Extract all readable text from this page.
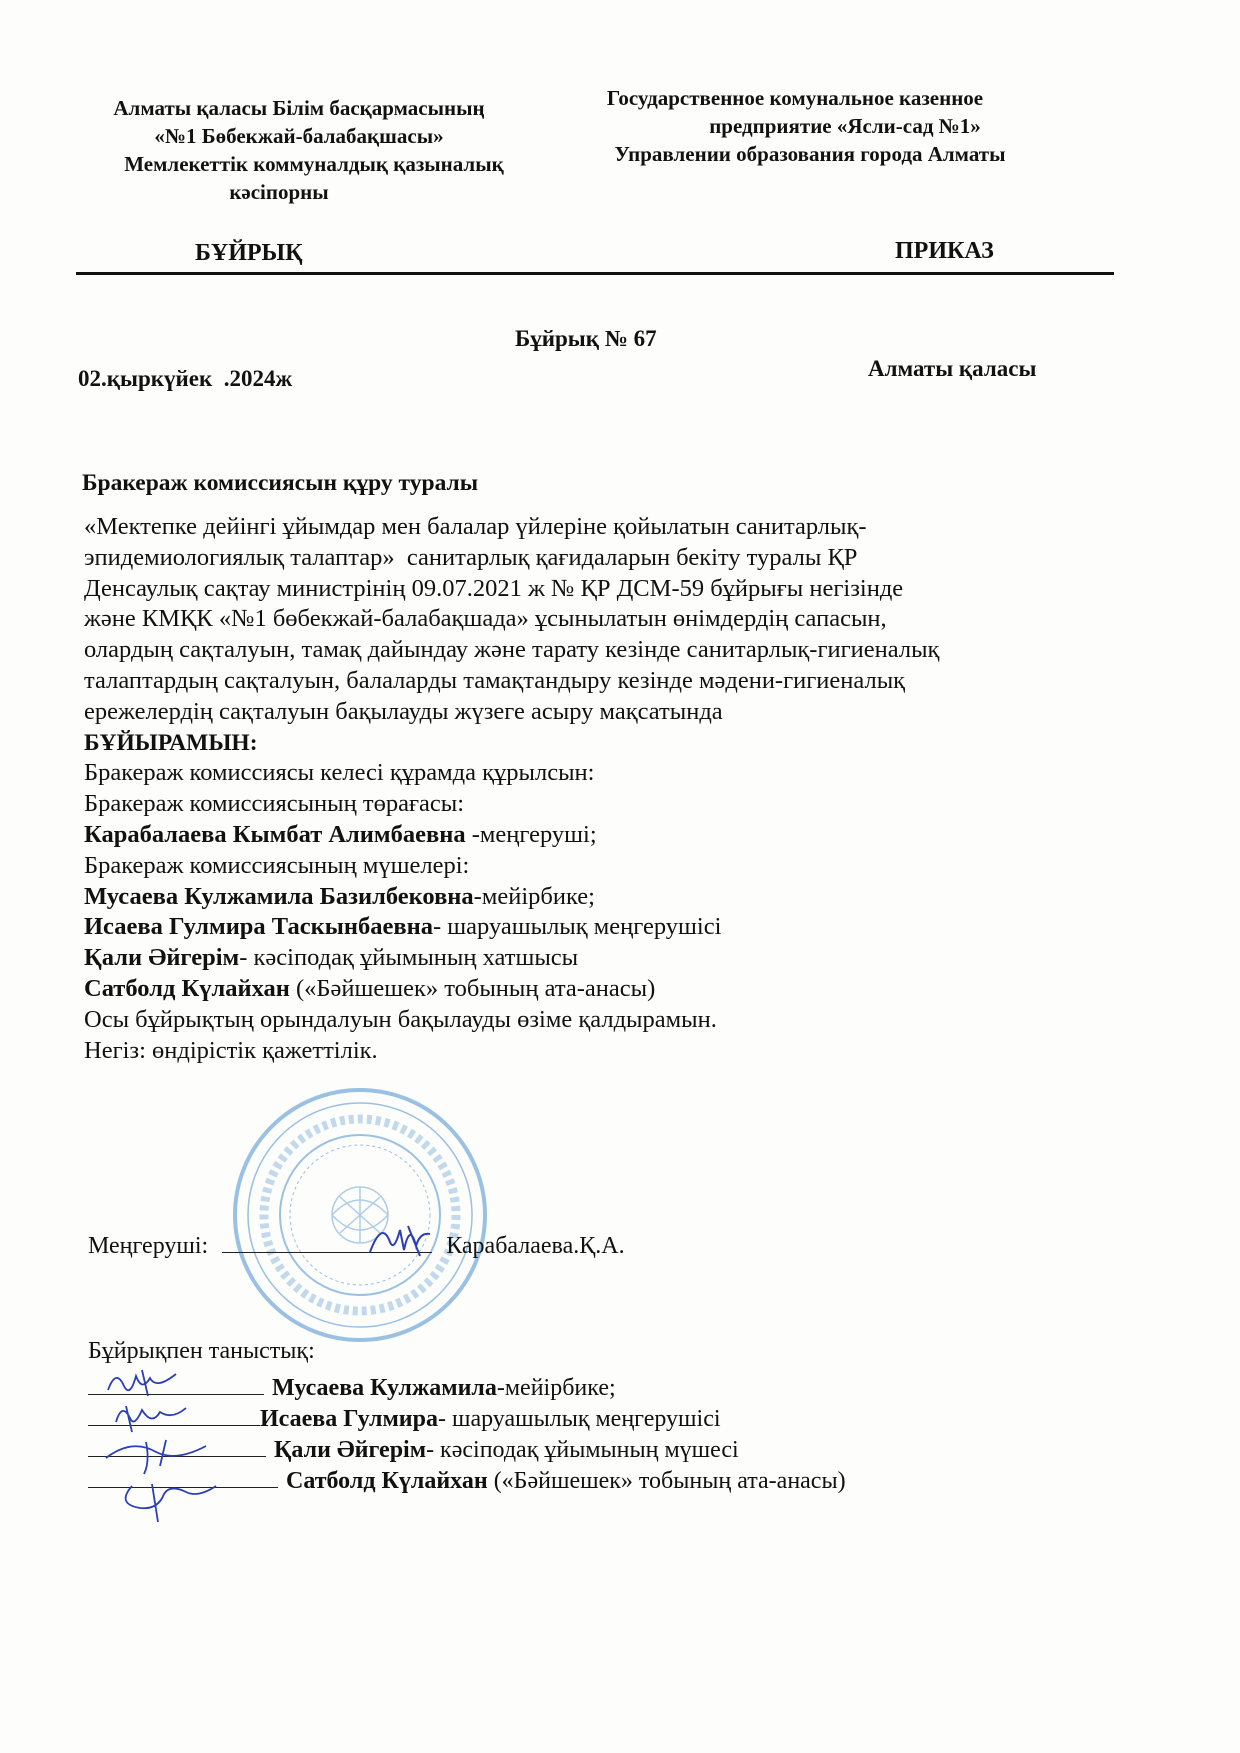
Алматы қаласы Білім басқармасының
«№1 Бөбекжай-балабақшасы»
Мемлекеттік коммуналдық қазыналық
кәсіпорны
Государственное комунальное казенное
предприятие «Ясли-сад №1»
Управлении образования города Алматы
БҰЙРЫҚ	ПРИКАЗ
Бұйрық № 67
02.қыркүйек  .2024ж	Алматы қаласы
Бракераж комиссиясын құру туралы
«Мектепке дейінгі ұйымдар мен балалар үйлеріне қойылатын санитарлық-
эпидемиологиялық талаптар»  санитарлық қағидаларын бекіту туралы ҚР
Денсаулық сақтау министрінің 09.07.2021 ж № ҚР ДСМ-59 бұйрығы негізінде
және КМҚК «№1 бөбекжай-балабақшада» ұсынылатын өнімдердің сапасын,
олардың сақталуын, тамақ дайындау және тарату кезінде санитарлық-гигиеналық
талаптардың сақталуын, балаларды тамақтандыру кезінде мәдени-гигиеналық
ережелердің сақталуын бақылауды жүзеге асыру мақсатында
БҰЙЫРАМЫН:
Бракераж комиссиясы келесі құрамда құрылсын:
Бракераж комиссиясының төрағасы:
Карабалаева Кымбат Алимбаевна -меңгеруші;
Бракераж комиссиясының мүшелері:
Мусаева Кулжамила Базилбековна-мейірбике;
Исаева Гулмира Таскынбаевна- шаруашылық меңгерушісі
Қали Әйгерім- кәсіподақ ұйымының хатшысы
Сатболд Күлайхан («Бәйшешек» тобының ата-анасы)
Осы бұйрықтың орындалуын бақылауды өзіме қалдырамын.
Негіз: өндірістік қажеттілік.
Меңгеруші:	Карабалаева.Қ.А.
Бұйрықпен таныстық:
Мусаева Кулжамила-мейірбике;
Исаева Гулмира- шаруашылық меңгерушісі
Қали Әйгерім- кәсіподақ ұйымының мүшесі
Сатболд Күлайхан («Бәйшешек» тобының ата-анасы)
